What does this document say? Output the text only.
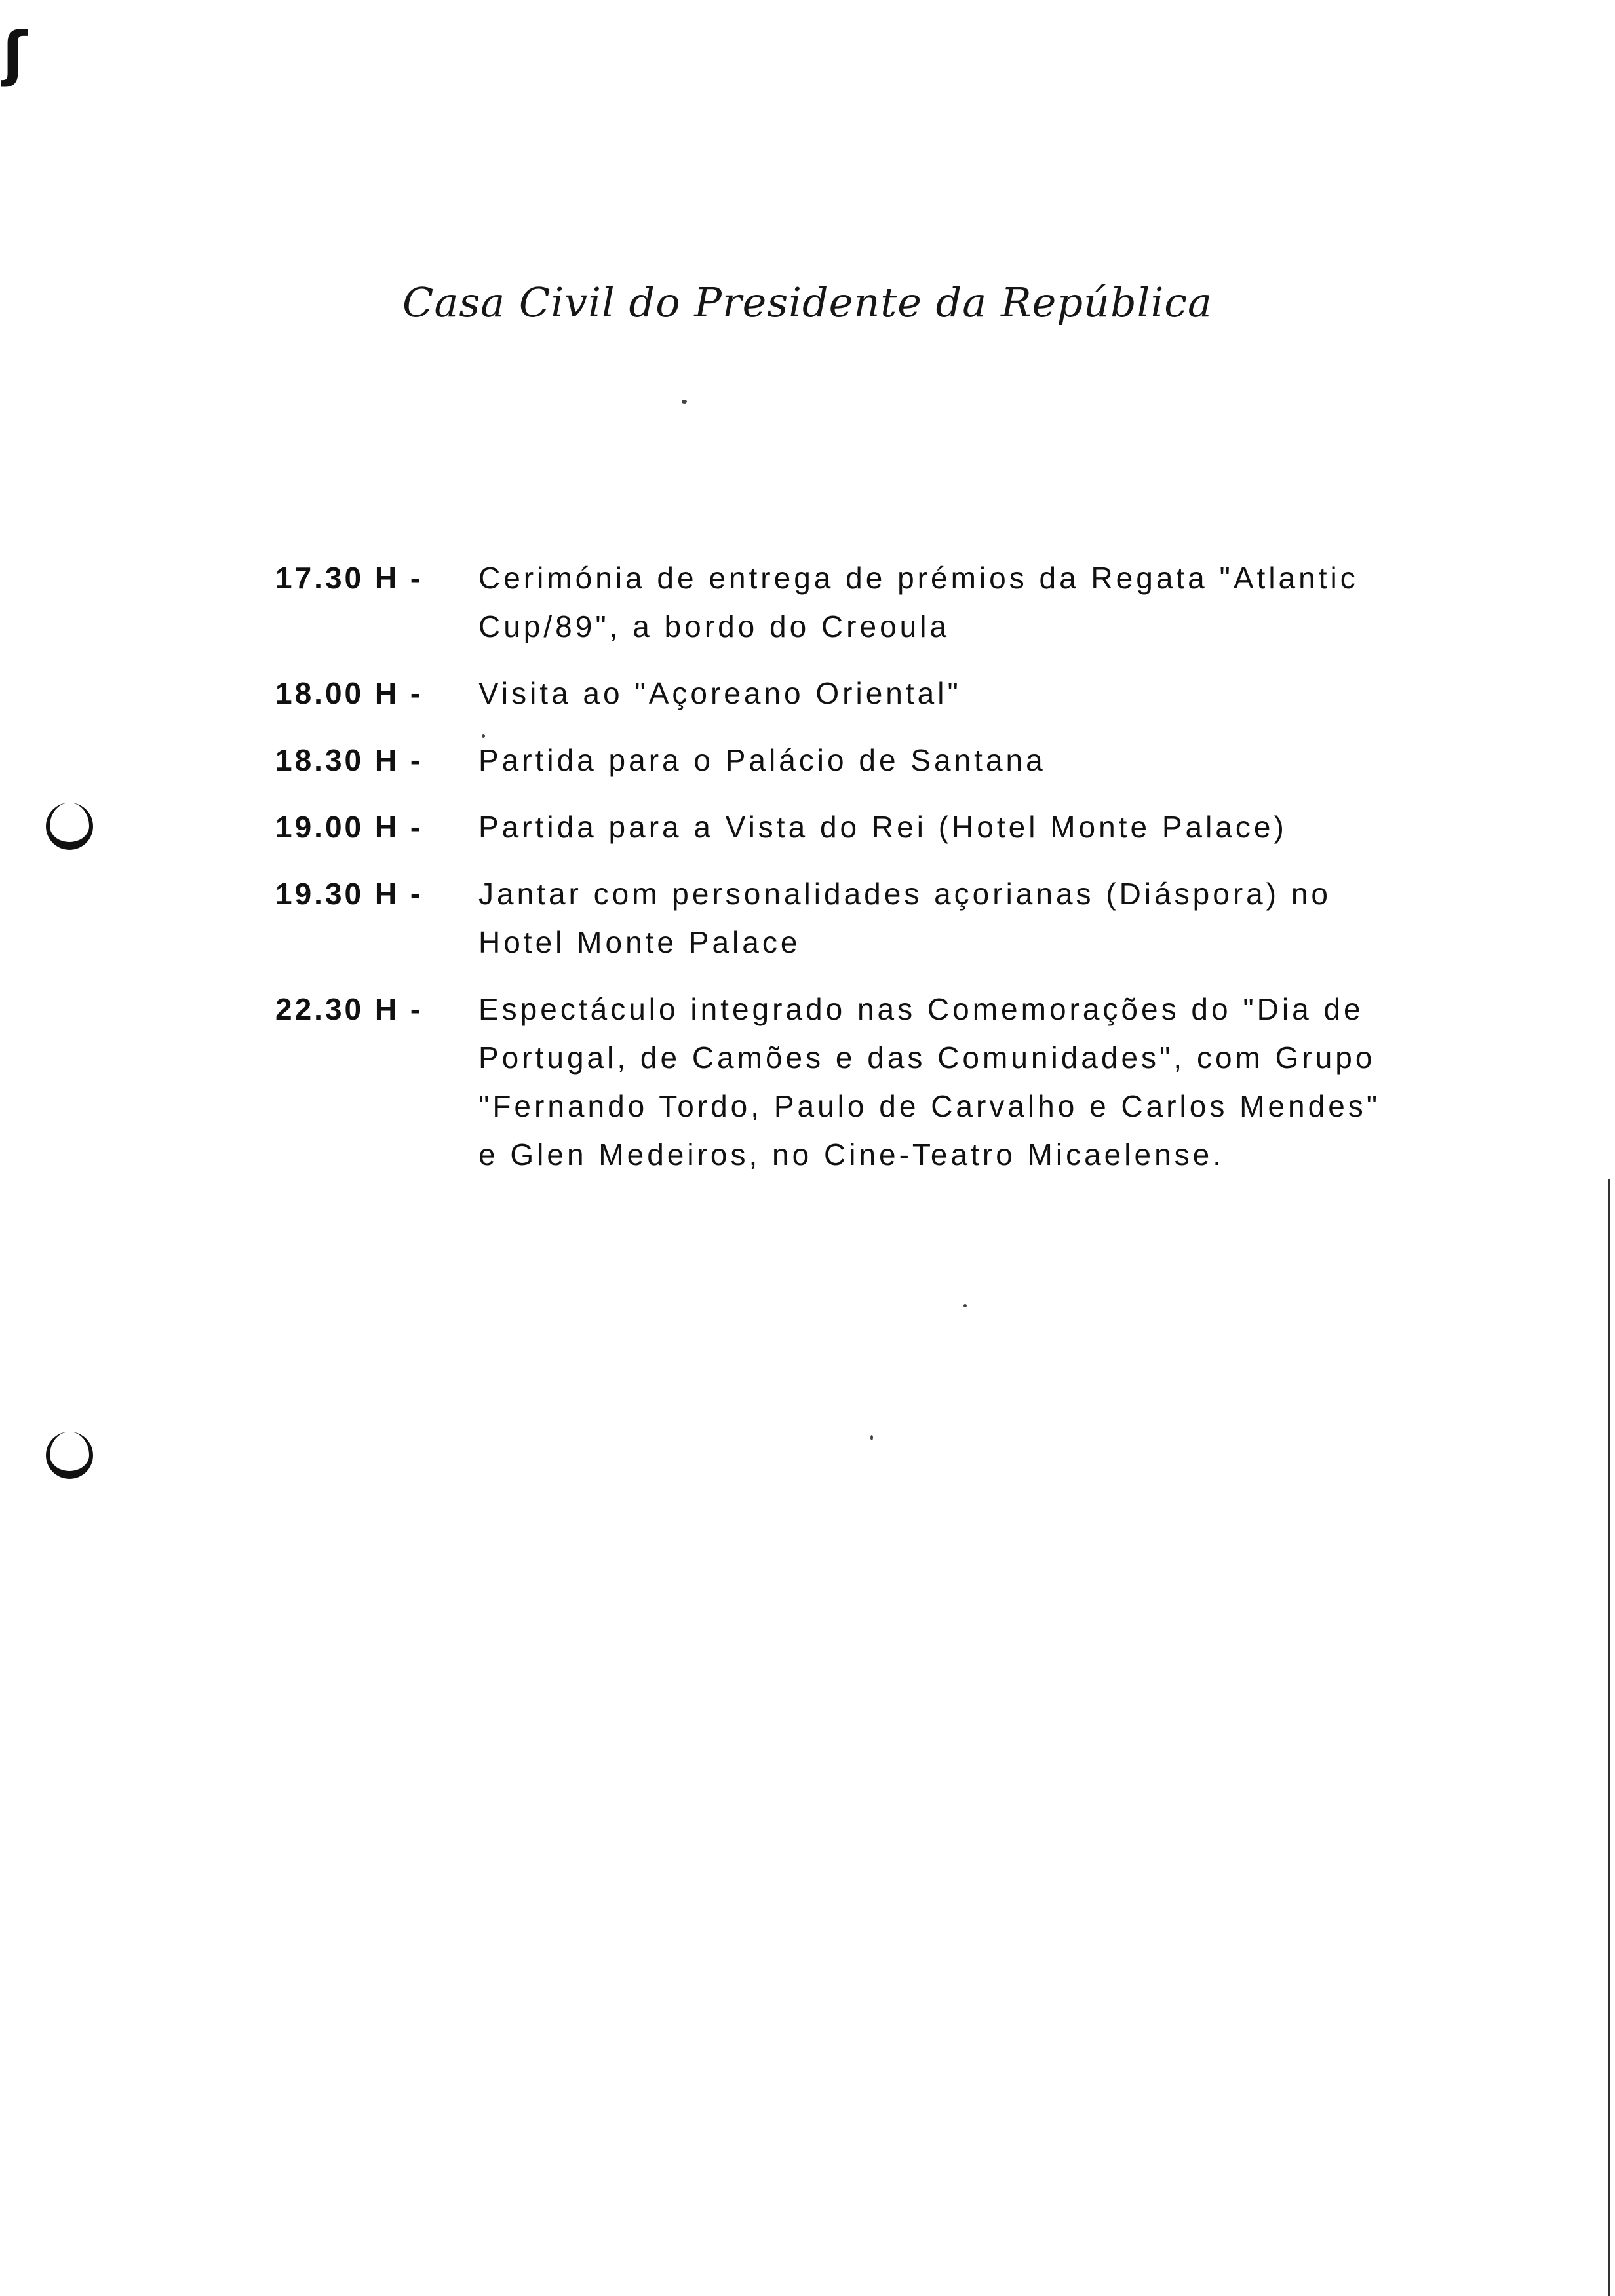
ʃ
Casa Civil do Presidente da República
17.30 H -	Cerimónia de entrega de prémios da Regata "Atlantic
Cup/89", a bordo do Creoula
18.00 H -	Visita ao "Açoreano Oriental"
18.30 H -	Partida para o Palácio de Santana
19.00 H -	Partida para a Vista do Rei (Hotel Monte Palace)
19.30 H -	Jantar com personalidades açorianas (Diáspora) no
Hotel Monte Palace
22.30 H -	Espectáculo integrado nas Comemorações do "Dia de
Portugal, de Camões e das Comunidades", com Grupo
"Fernando Tordo, Paulo de Carvalho e Carlos Mendes"
e Glen Medeiros, no Cine-Teatro Micaelense.
